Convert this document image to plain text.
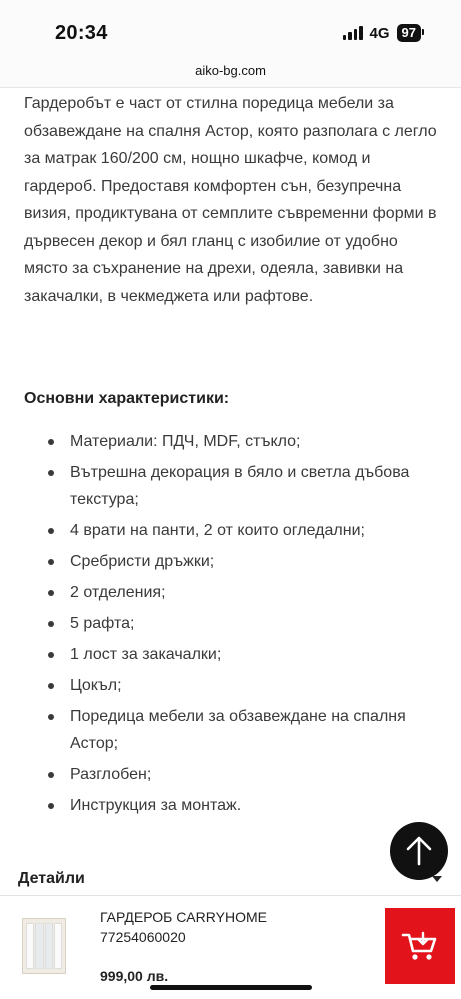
20:34	4G 97
aiko-bg.com

Гардеробът е част от стилна поредица мебели за обзавеждане на спалня Астор, която разполага с легло за матрак 160/200 см, нощно шкафче, комод и гардероб. Предоставя комфортен сън, безупречна визия, продиктувана от семплите съвременни форми в дървесен декор и бял гланц с изобилие от удобно място за съхранение на дрехи, одеяла, завивки на закачалки, в чекмеджета или рафтове.

Основни характеристики:
Материали: ПДЧ, MDF, стъкло;
Вътрешна декорация в бяло и светла дъбова текстура;
4 врати на панти, 2 от които огледални;
Сребристи дръжки;
2 отделения;
5 рафта;
1 лост за закачалки;
Цокъл;
Поредица мебели за обзавеждане на спалня Астор;
Разглобен;
Инструкция за монтаж.
Детайли
ГАРДЕРОБ CARRYHOME
77254060020
999,00 лв.
